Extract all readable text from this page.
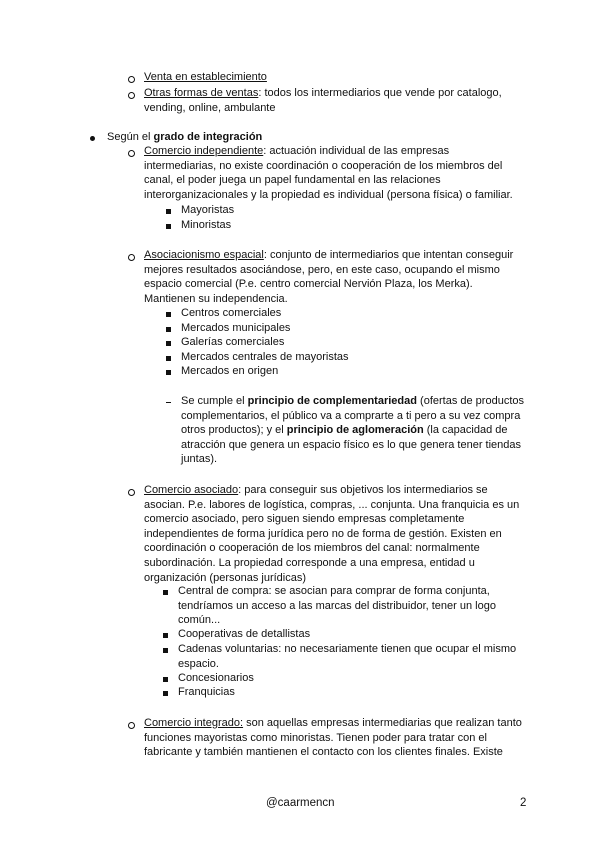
Venta en establecimiento
Otras formas de ventas: todos los intermediarios que vende por catalogo,
vending, online, ambulante
Según el grado de integración
Comercio independiente: actuación individual de las empresas
intermediarias, no existe coordinación o cooperación de los miembros del
canal, el poder juega un papel fundamental en las relaciones
interorganizacionales y la propiedad es individual (persona física) o familiar.
Mayoristas
Minoristas
Asociacionismo espacial: conjunto de intermediarios que intentan conseguir
mejores resultados asociándose, pero, en este caso, ocupando el mismo
espacio comercial (P.e. centro comercial Nervión Plaza, los Merka).
Mantienen su independencia.
Centros comerciales
Mercados municipales
Galerías comerciales
Mercados centrales de mayoristas
Mercados en origen
Se cumple el principio de complementariedad (ofertas de productos
complementarios, el público va a comprarte a ti pero a su vez compra
otros productos); y el principio de aglomeración (la capacidad de
atracción que genera un espacio físico es lo que genera tener tiendas
juntas).
Comercio asociado: para conseguir sus objetivos los intermediarios se
asocian. P.e. labores de logística, compras, ... conjunta. Una franquicia es un
comercio asociado, pero siguen siendo empresas completamente
independientes de forma jurídica pero no de forma de gestión. Existen en
coordinación o cooperación de los miembros del canal: normalmente
subordinación. La propiedad corresponde a una empresa, entidad u
organización (personas jurídicas)
Central de compra: se asocian para comprar de forma conjunta,
tendríamos un acceso a las marcas del distribuidor, tener un logo
común...
Cooperativas de detallistas
Cadenas voluntarias: no necesariamente tienen que ocupar el mismo
espacio.
Concesionarios
Franquicias
Comercio integrado: son aquellas empresas intermediarias que realizan tanto
funciones mayoristas como minoristas. Tienen poder para tratar con el
fabricante y también mantienen el contacto con los clientes finales. Existe
@caarmencn	2
